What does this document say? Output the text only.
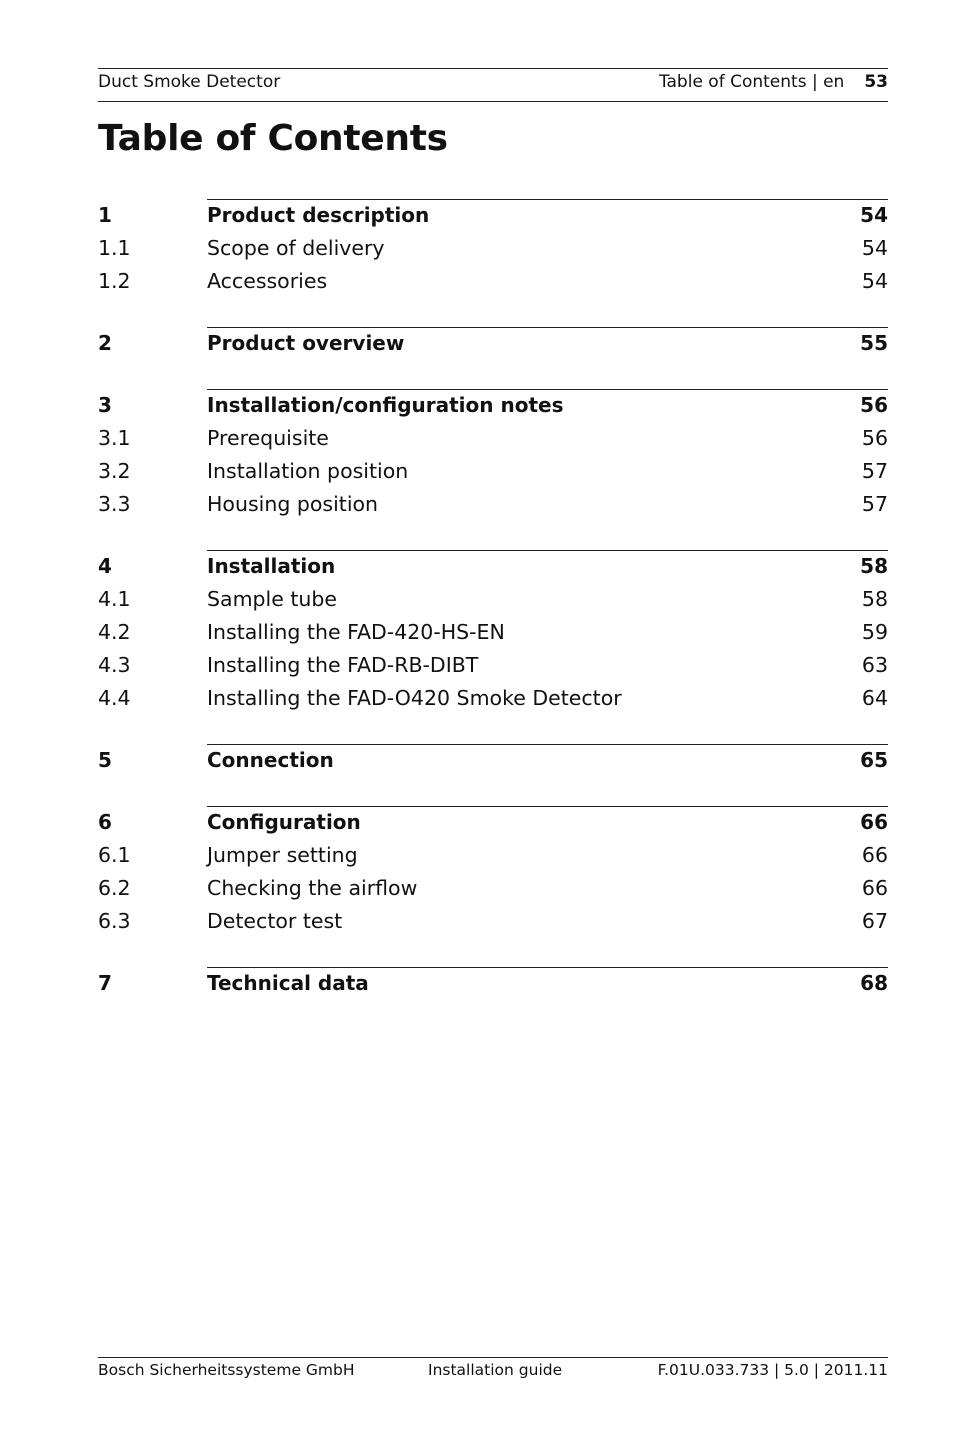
Duct Smoke Detector	Table of Contents | en 53
Table of Contents
1	Product description	54
1.1	Scope of delivery	54
1.2	Accessories	54
2	Product overview	55
3	Installation/configuration notes	56
3.1	Prerequisite	56
3.2	Installation position	57
3.3	Housing position	57
4	Installation	58
4.1	Sample tube	58
4.2	Installing the FAD-420-HS-EN	59
4.3	Installing the FAD-RB-DIBT	63
4.4	Installing the FAD-O420 Smoke Detector	64
5	Connection	65
6	Configuration	66
6.1	Jumper setting	66
6.2	Checking the airflow	66
6.3	Detector test	67
7	Technical data	68
Bosch Sicherheitssysteme GmbH	Installation guide	F.01U.033.733 | 5.0 | 2011.11
